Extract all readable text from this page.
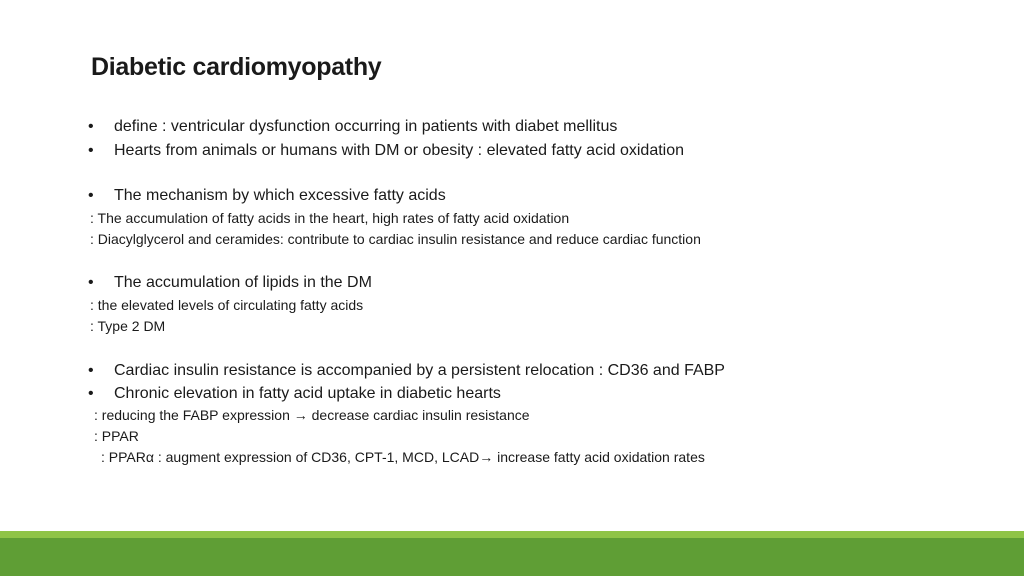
Diabetic cardiomyopathy
• define : ventricular dysfunction occurring in patients with diabet mellitus
• Hearts from animals or humans with DM or obesity : elevated fatty acid oxidation
• The mechanism by which excessive fatty acids
: The accumulation of fatty acids in the heart, high rates of fatty acid oxidation
: Diacylglycerol and ceramides: contribute to cardiac insulin resistance and reduce cardiac function
• The accumulation of lipids in the DM
: the elevated levels of circulating fatty acids
: Type 2 DM
• Cardiac insulin resistance is accompanied by a persistent relocation : CD36 and FABP
• Chronic elevation in fatty acid uptake in diabetic hearts
: reducing the FABP expression → decrease cardiac insulin resistance
: PPAR
: PPARα : augment expression of CD36, CPT-1, MCD, LCAD→ increase fatty acid oxidation rates
